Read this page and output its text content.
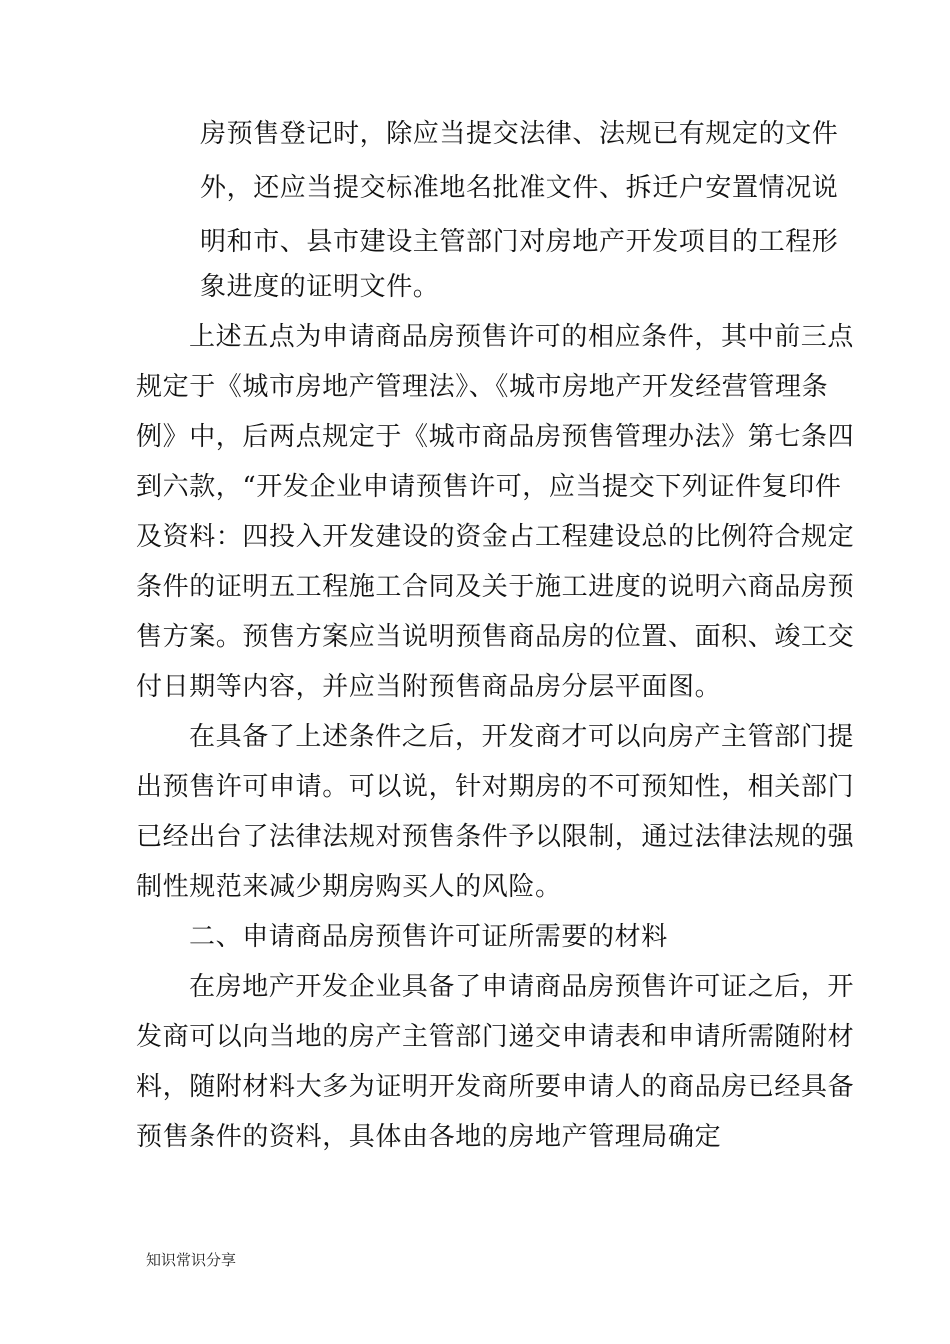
房预售登记时，除应当提交法律、法规已有规定的文件
外，还应当提交标准地名批准文件、拆迁户安置情况说
明和市、县市建设主管部门对房地产开发项目的工程形
象进度的证明文件。
上述五点为申请商品房预售许可的相应条件，其中前三点
规定于《城市房地产管理法》、《城市房地产开发经营管理条
例》中，后两点规定于《城市商品房预售管理办法》第七条四
到六款，“开发企业申请预售许可，应当提交下列证件复印件
及资料：四投入开发建设的资金占工程建设总的比例符合规定
条件的证明五工程施工合同及关于施工进度的说明六商品房预
售方案。预售方案应当说明预售商品房的位置、面积、竣工交
付日期等内容，并应当附预售商品房分层平面图。
在具备了上述条件之后，开发商才可以向房产主管部门提
出预售许可申请。可以说，针对期房的不可预知性，相关部门
已经出台了法律法规对预售条件予以限制，通过法律法规的强
制性规范来减少期房购买人的风险。
二、申请商品房预售许可证所需要的材料
在房地产开发企业具备了申请商品房预售许可证之后，开
发商可以向当地的房产主管部门递交申请表和申请所需随附材
料，随附材料大多为证明开发商所要申请人的商品房已经具备
预售条件的资料，具体由各地的房地产管理局确定
知识常识分享
